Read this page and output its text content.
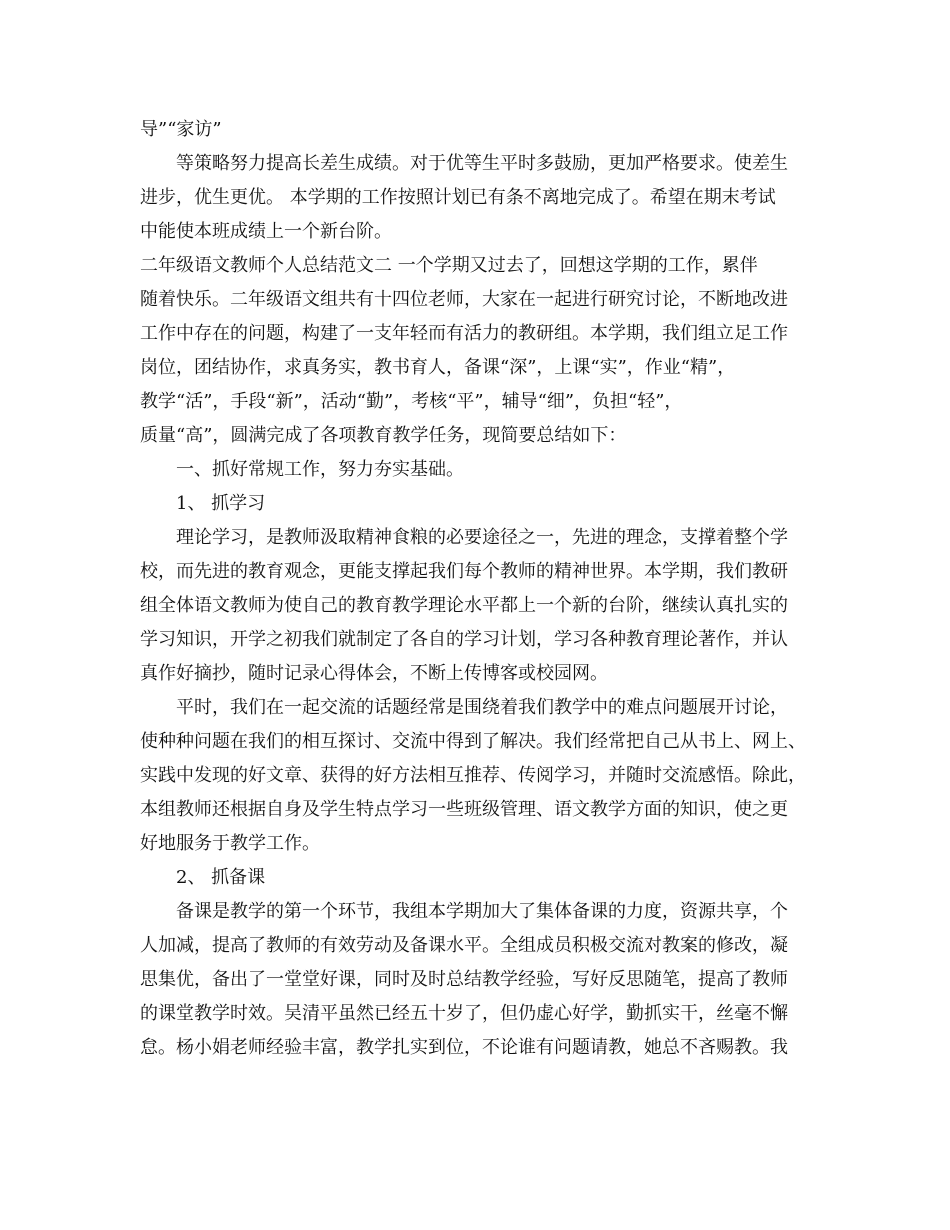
导”“家访”
等策略努力提高长差生成绩。对于优等生平时多鼓励，更加严格要求。使差生
进步，优生更优。 本学期的工作按照计划已有条不离地完成了。希望在期末考试
中能使本班成绩上一个新台阶。
二年级语文教师个人总结范文二 一个学期又过去了，回想这学期的工作，累伴
随着快乐。二年级语文组共有十四位老师，大家在一起进行研究讨论，不断地改进
工作中存在的问题，构建了一支年轻而有活力的教研组。本学期，我们组立足工作
岗位，团结协作，求真务实，教书育人，备课“深”，上课“实”，作业“精”，
教学“活”，手段“新”，活动“勤”，考核“平”，辅导“细”，负担“轻”，
质量“高”，圆满完成了各项教育教学任务，现简要总结如下：
一、抓好常规工作，努力夯实基础。
1、 抓学习
理论学习，是教师汲取精神食粮的必要途径之一，先进的理念，支撑着整个学
校，而先进的教育观念，更能支撑起我们每个教师的精神世界。本学期，我们教研
组全体语文教师为使自己的教育教学理论水平都上一个新的台阶，继续认真扎实的
学习知识，开学之初我们就制定了各自的学习计划，学习各种教育理论著作，并认
真作好摘抄，随时记录心得体会，不断上传博客或校园网。
平时，我们在一起交流的话题经常是围绕着我们教学中的难点问题展开讨论，
使种种问题在我们的相互探讨、交流中得到了解决。我们经常把自己从书上、网上、
实践中发现的好文章、获得的好方法相互推荐、传阅学习，并随时交流感悟。除此，
本组教师还根据自身及学生特点学习一些班级管理、语文教学方面的知识，使之更
好地服务于教学工作。
2、 抓备课
备课是教学的第一个环节，我组本学期加大了集体备课的力度，资源共享，个
人加减，提高了教师的有效劳动及备课水平。全组成员积极交流对教案的修改，凝
思集优，备出了一堂堂好课，同时及时总结教学经验，写好反思随笔，提高了教师
的课堂教学时效。吴清平虽然已经五十岁了，但仍虚心好学，勤抓实干，丝毫不懈
怠。杨小娟老师经验丰富，教学扎实到位，不论谁有问题请教，她总不吝赐教。我
